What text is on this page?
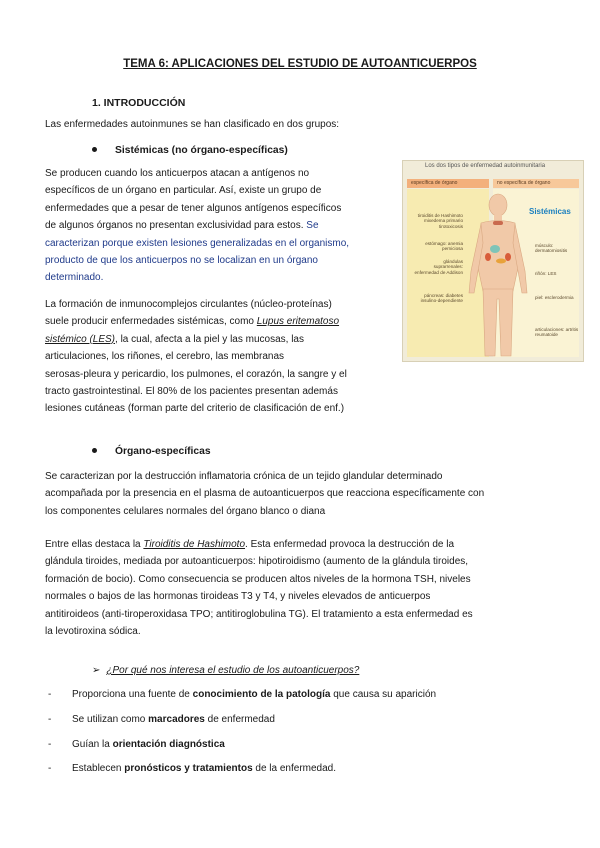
TEMA 6: APLICACIONES DEL ESTUDIO DE AUTOANTICUERPOS
1. INTRODUCCIÓN
Las enfermedades autoinmunes se han clasificado en dos grupos:
Sistémicas (no órgano-específicas)
Se producen cuando los anticuerpos atacan a antígenos no
específicos de un órgano en particular. Así, existe un grupo de
enfermedades que a pesar de tener algunos antígenos específicos
de algunos órganos no presentan exclusividad para estos. Se
caracterizan porque existen lesiones generalizadas en el organismo,
producto de que los anticuerpos no se localizan en un órgano
determinado.
La formación de inmunocomplejos circulantes (núcleo-proteínas)
suele producir enfermedades sistémicas, como Lupus eritematoso
sistémico (LES), la cual, afecta a la piel y las mucosas, las
articulaciones, los riñones, el cerebro, las membranas
serosas-pleura y pericardio, los pulmones, el corazón, la sangre y el
tracto gastrointestinal. El 80% de los pacientes presentan además
lesiones cutáneas (forman parte del criterio de clasificación de enf.)
Los dos tipos de enfermedad autoinmunitaria
específica de órgano	no específica de órgano
Sistémicas
tiroiditis de Hashimoto mixedema primario tirotoxicosis
estómago: anemia perniciosa
glándulas suprarrenales: enfermedad de Addison
páncreas: diabetes insulino-dependiente
músculo: dermatomiositis
riñón: LES
piel: esclerodermia
articulaciones: artritis reumatoide
Órgano-específicas
Se caracterizan por la destrucción inflamatoria crónica de un tejido glandular determinado
acompañada por la presencia en el plasma de autoanticuerpos que reacciona específicamente con
los componentes celulares normales del órgano blanco o diana
Entre ellas destaca la Tiroiditis de Hashimoto. Esta enfermedad provoca la destrucción de la
glándula tiroides, mediada por autoanticuerpos: hipotiroidismo (aumento de la glándula tiroides,
formación de bocio). Como consecuencia se producen altos niveles de la hormona TSH, niveles
normales o bajos de las hormonas tiroideas T3 y T4, y niveles elevados de anticuerpos
antitiroideos (anti-tiroperoxidasa TPO; antitiroglobulina TG). El tratamiento a esta enfermedad es
la levotiroxina sódica.
➢ ¿Por qué nos interesa el estudio de los autoanticuerpos?
- Proporciona una fuente de conocimiento de la patología que causa su aparición
- Se utilizan como marcadores de enfermedad
- Guían la orientación diagnóstica
- Establecen pronósticos y tratamientos de la enfermedad.
